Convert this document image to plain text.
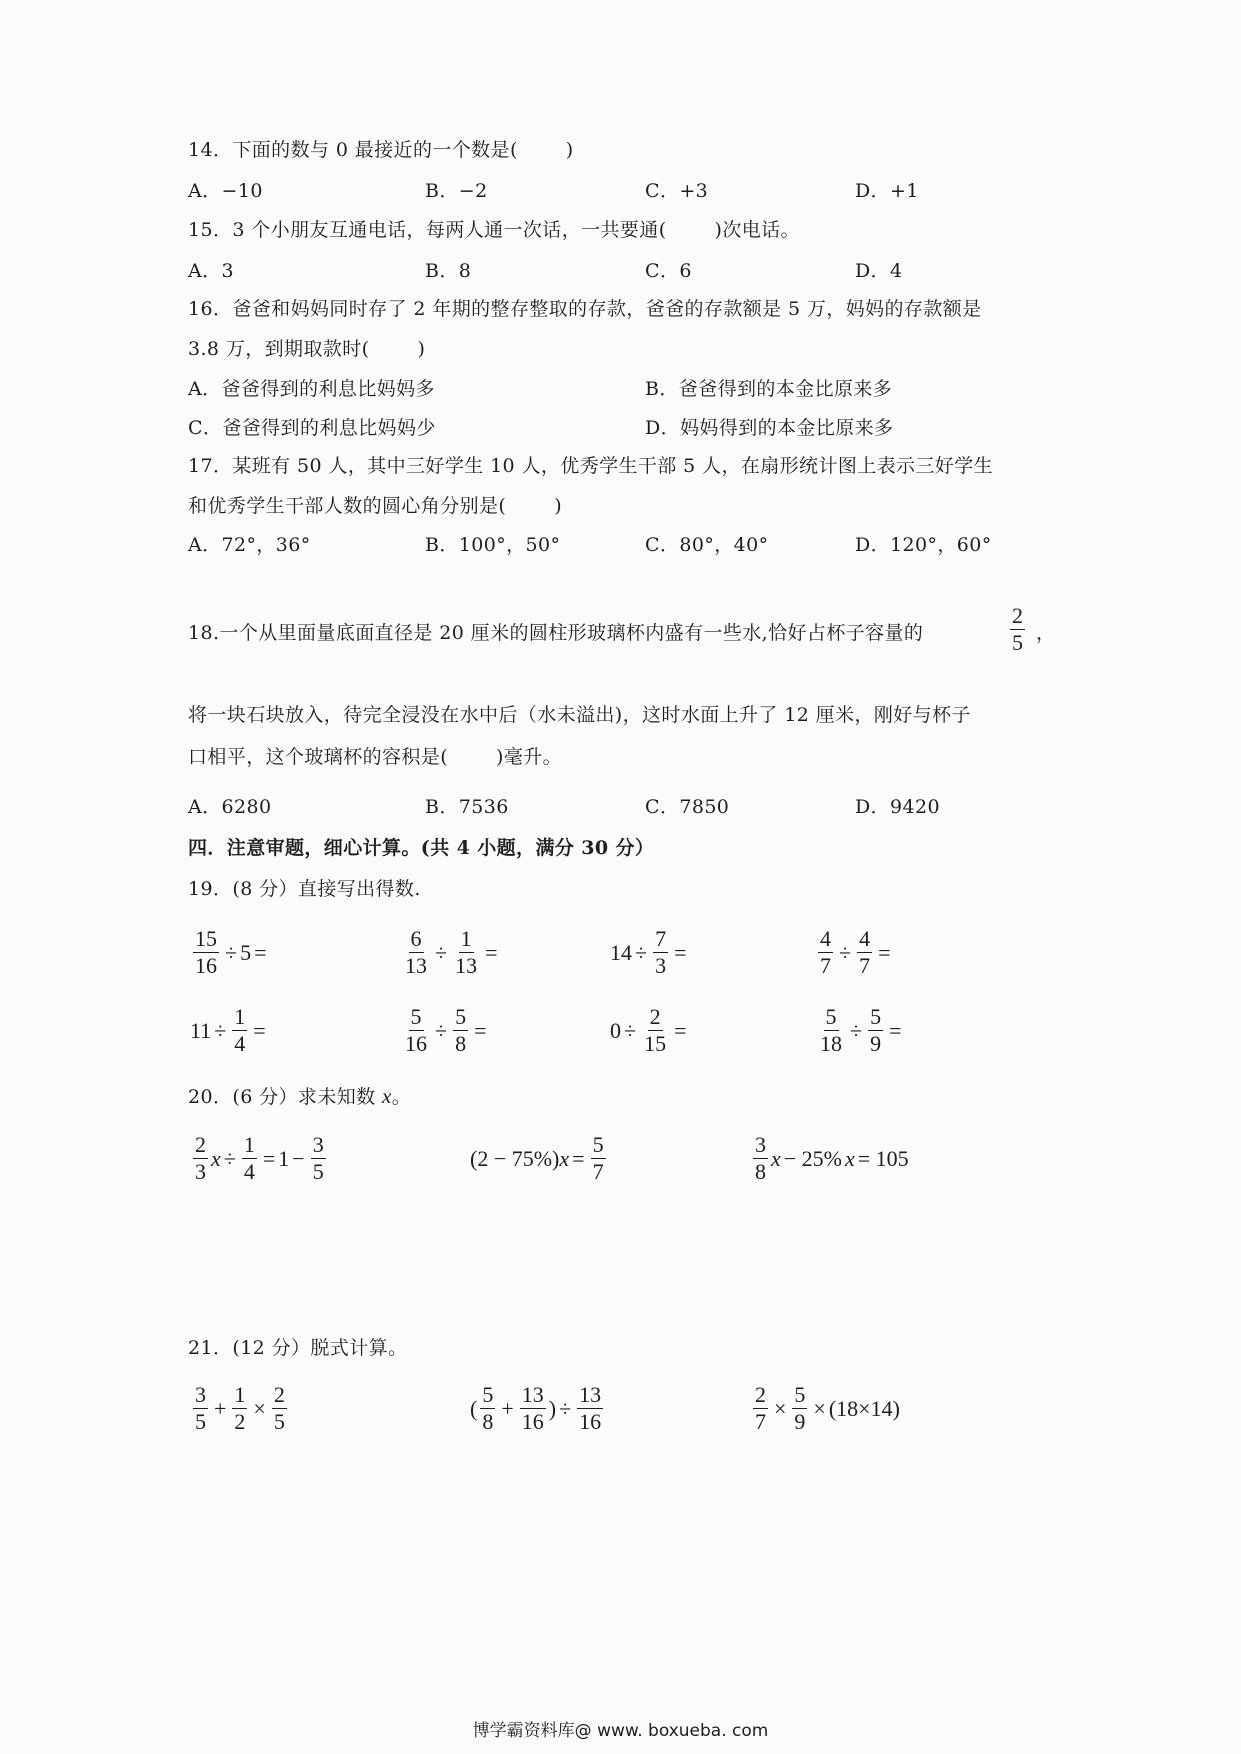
14．下面的数与 0 最接近的一个数是(	)
A．−10	B．−2	C．+3	D．+1
15．3 个小朋友互通电话，每两人通一次话，一共要通(	)次电话。
A．3	B．8	C．6	D．4
16．爸爸和妈妈同时存了 2 年期的整存整取的存款，爸爸的存款额是 5 万，妈妈的存款额是
3.8 万，到期取款时(	)
A．爸爸得到的利息比妈妈多	B．爸爸得到的本金比原来多
C．爸爸得到的利息比妈妈少	D．妈妈得到的本金比原来多
17．某班有 50 人，其中三好学生 10 人，优秀学生干部 5 人，在扇形统计图上表示三好学生
和优秀学生干部人数的圆心角分别是(	)
A．72°，36°	B．100°，50°	C．80°，40°	D．120°，60°
18.一个从里面量底面直径是 20 厘米的圆柱形玻璃杯内盛有一些水,恰好占杯子容量的	$\frac{2}{5}$ ，
将一块石块放入，待完全浸没在水中后（水未溢出)，这时水面上升了 12 厘米，刚好与杯子
口相平，这个玻璃杯的容积是(	)毫升。
A．6280	B．7536	C．7850	D．9420
四．注意审题，细心计算。(共 4 小题，满分 30 分）
19．(8 分）直接写出得数.
$\frac{15}{16} \div 5$ =	$\frac{6}{13} \div \frac{1}{13}$ =	$14 \div \frac{7}{3}$ =	$\frac{4}{7} \div \frac{4}{7}$ =
$11 \div \frac{1}{4}$ =	$\frac{5}{16} \div \frac{5}{8}$ =	$0 \div \frac{2}{15}$ =	$\frac{5}{18} \div \frac{5}{9}$ =
20．(6 分）求未知数 x。
$\frac{2}{3}$ $x \div \frac{1}{4} = 1 - \frac{3}{5}$	(2 − 75%) $x = \frac{5}{7}$	$\frac{3}{8}$ x − 25% x = 105
21．(12 分）脱式计算。
$\frac{3}{5} + \frac{1}{2} \times \frac{2}{5}$	( $\frac{5}{8} + \frac{13}{16}$ ) ÷ $\frac{13}{16}$	$\frac{2}{7} \times \frac{5}{9} \times (18\times 14)$
博学霸资料库@ www. boxueba. com
